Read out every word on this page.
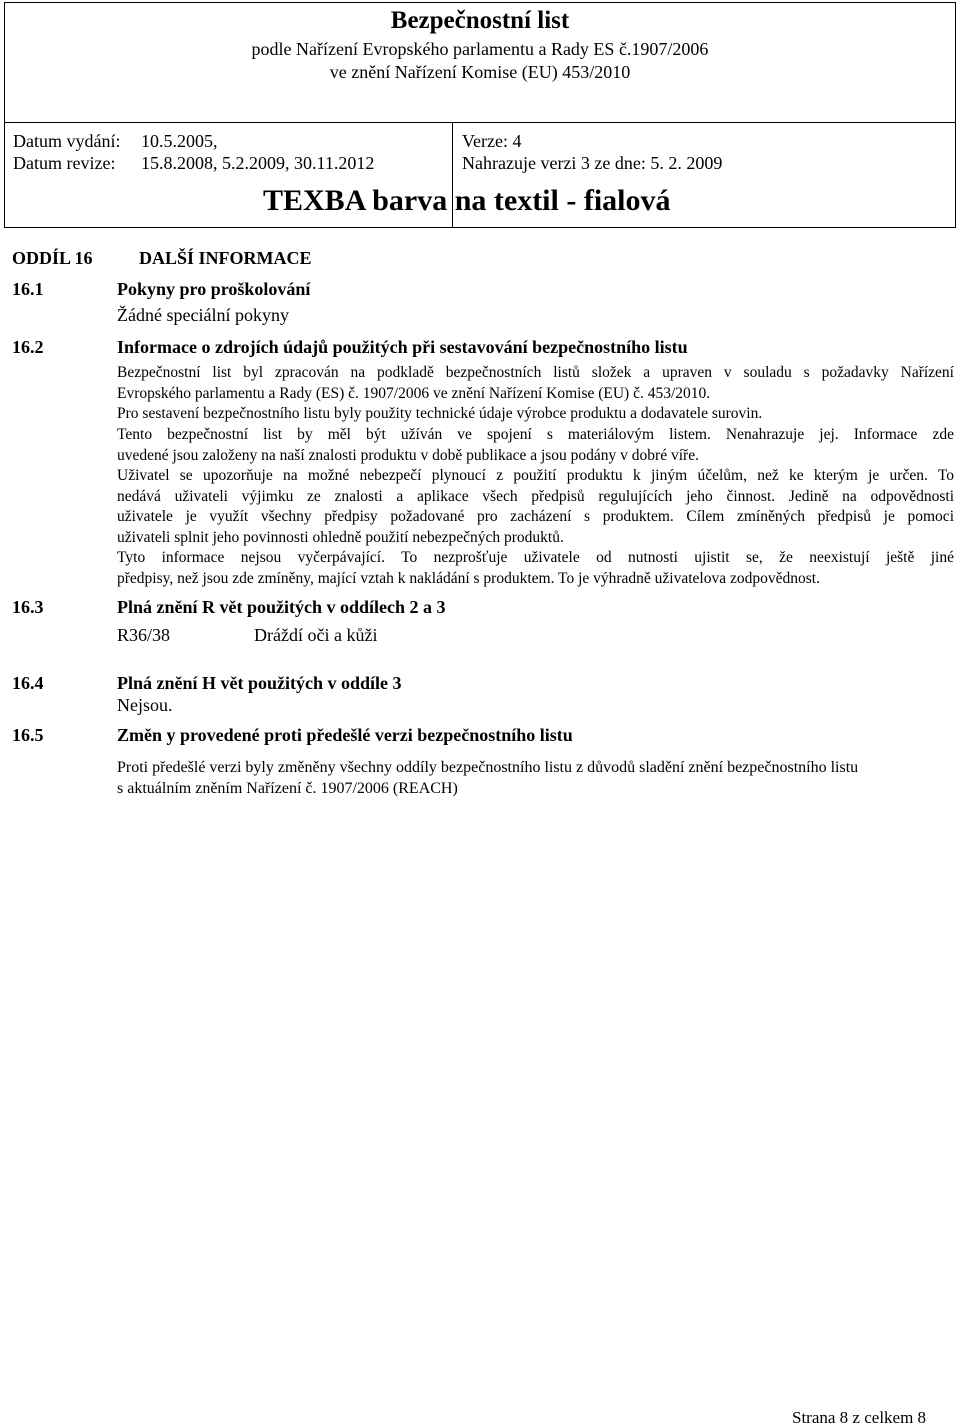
Bezpečnostní list
podle Nařízení Evropského parlamentu a Rady ES č.1907/2006
ve znění Nařízení Komise (EU) 453/2010
Datum vydání: 10.5.2005,
Datum revize: 15.8.2008, 5.2.2009, 30.11.2012
Verze: 4
Nahrazuje verzi 3 ze dne: 5. 2. 2009
TEXBA barva na textil - fialová
ODDÍL 16	DALŠÍ INFORMACE
16.1	Pokyny pro proškolování
Žádné speciální pokyny
16.2	Informace o zdrojích údajů použitých při sestavování bezpečnostního listu
Bezpečnostní list byl zpracován na podkladě bezpečnostních listů složek a upraven v souladu s požadavky Nařízení
Evropského parlamentu a Rady (ES) č. 1907/2006 ve znění Nařízení Komise (EU) č. 453/2010.
Pro sestavení bezpečnostního listu byly použity technické údaje výrobce produktu a dodavatele surovin.
Tento bezpečnostní list by měl být užíván ve spojení s materiálovým listem. Nenahrazuje jej. Informace zde
uvedené jsou založeny na naší znalosti produktu v době publikace a jsou podány v dobré víře.
Uživatel se upozorňuje na možné nebezpečí plynoucí z použití produktu k jiným účelům, než ke kterým je určen. To
nedává uživateli výjimku ze znalosti a aplikace všech předpisů regulujících jeho činnost. Jedině na odpovědnosti
uživatele je využít všechny předpisy požadované pro zacházení s produktem. Cílem zmíněných předpisů je pomoci
uživateli splnit jeho povinnosti ohledně použití nebezpečných produktů.
Tyto informace nejsou vyčerpávající. To nezprošťuje uživatele od nutnosti ujistit se, že neexistují ještě jiné
předpisy, než jsou zde zmíněny, mající vztah k nakládání s produktem. To je výhradně uživatelova zodpovědnost.
16.3	Plná znění R vět použitých v oddílech 2 a 3
R36/38	Dráždí oči a kůži
16.4	Plná znění H vět použitých v oddíle 3
Nejsou.
16.5	Změn y provedené proti předešlé verzi bezpečnostního listu
Proti předešlé verzi byly změněny všechny oddíly bezpečnostního listu z důvodů sladění znění bezpečnostního listu
s aktuálním zněním Nařízení č. 1907/2006 (REACH)
Strana 8 z celkem 8
